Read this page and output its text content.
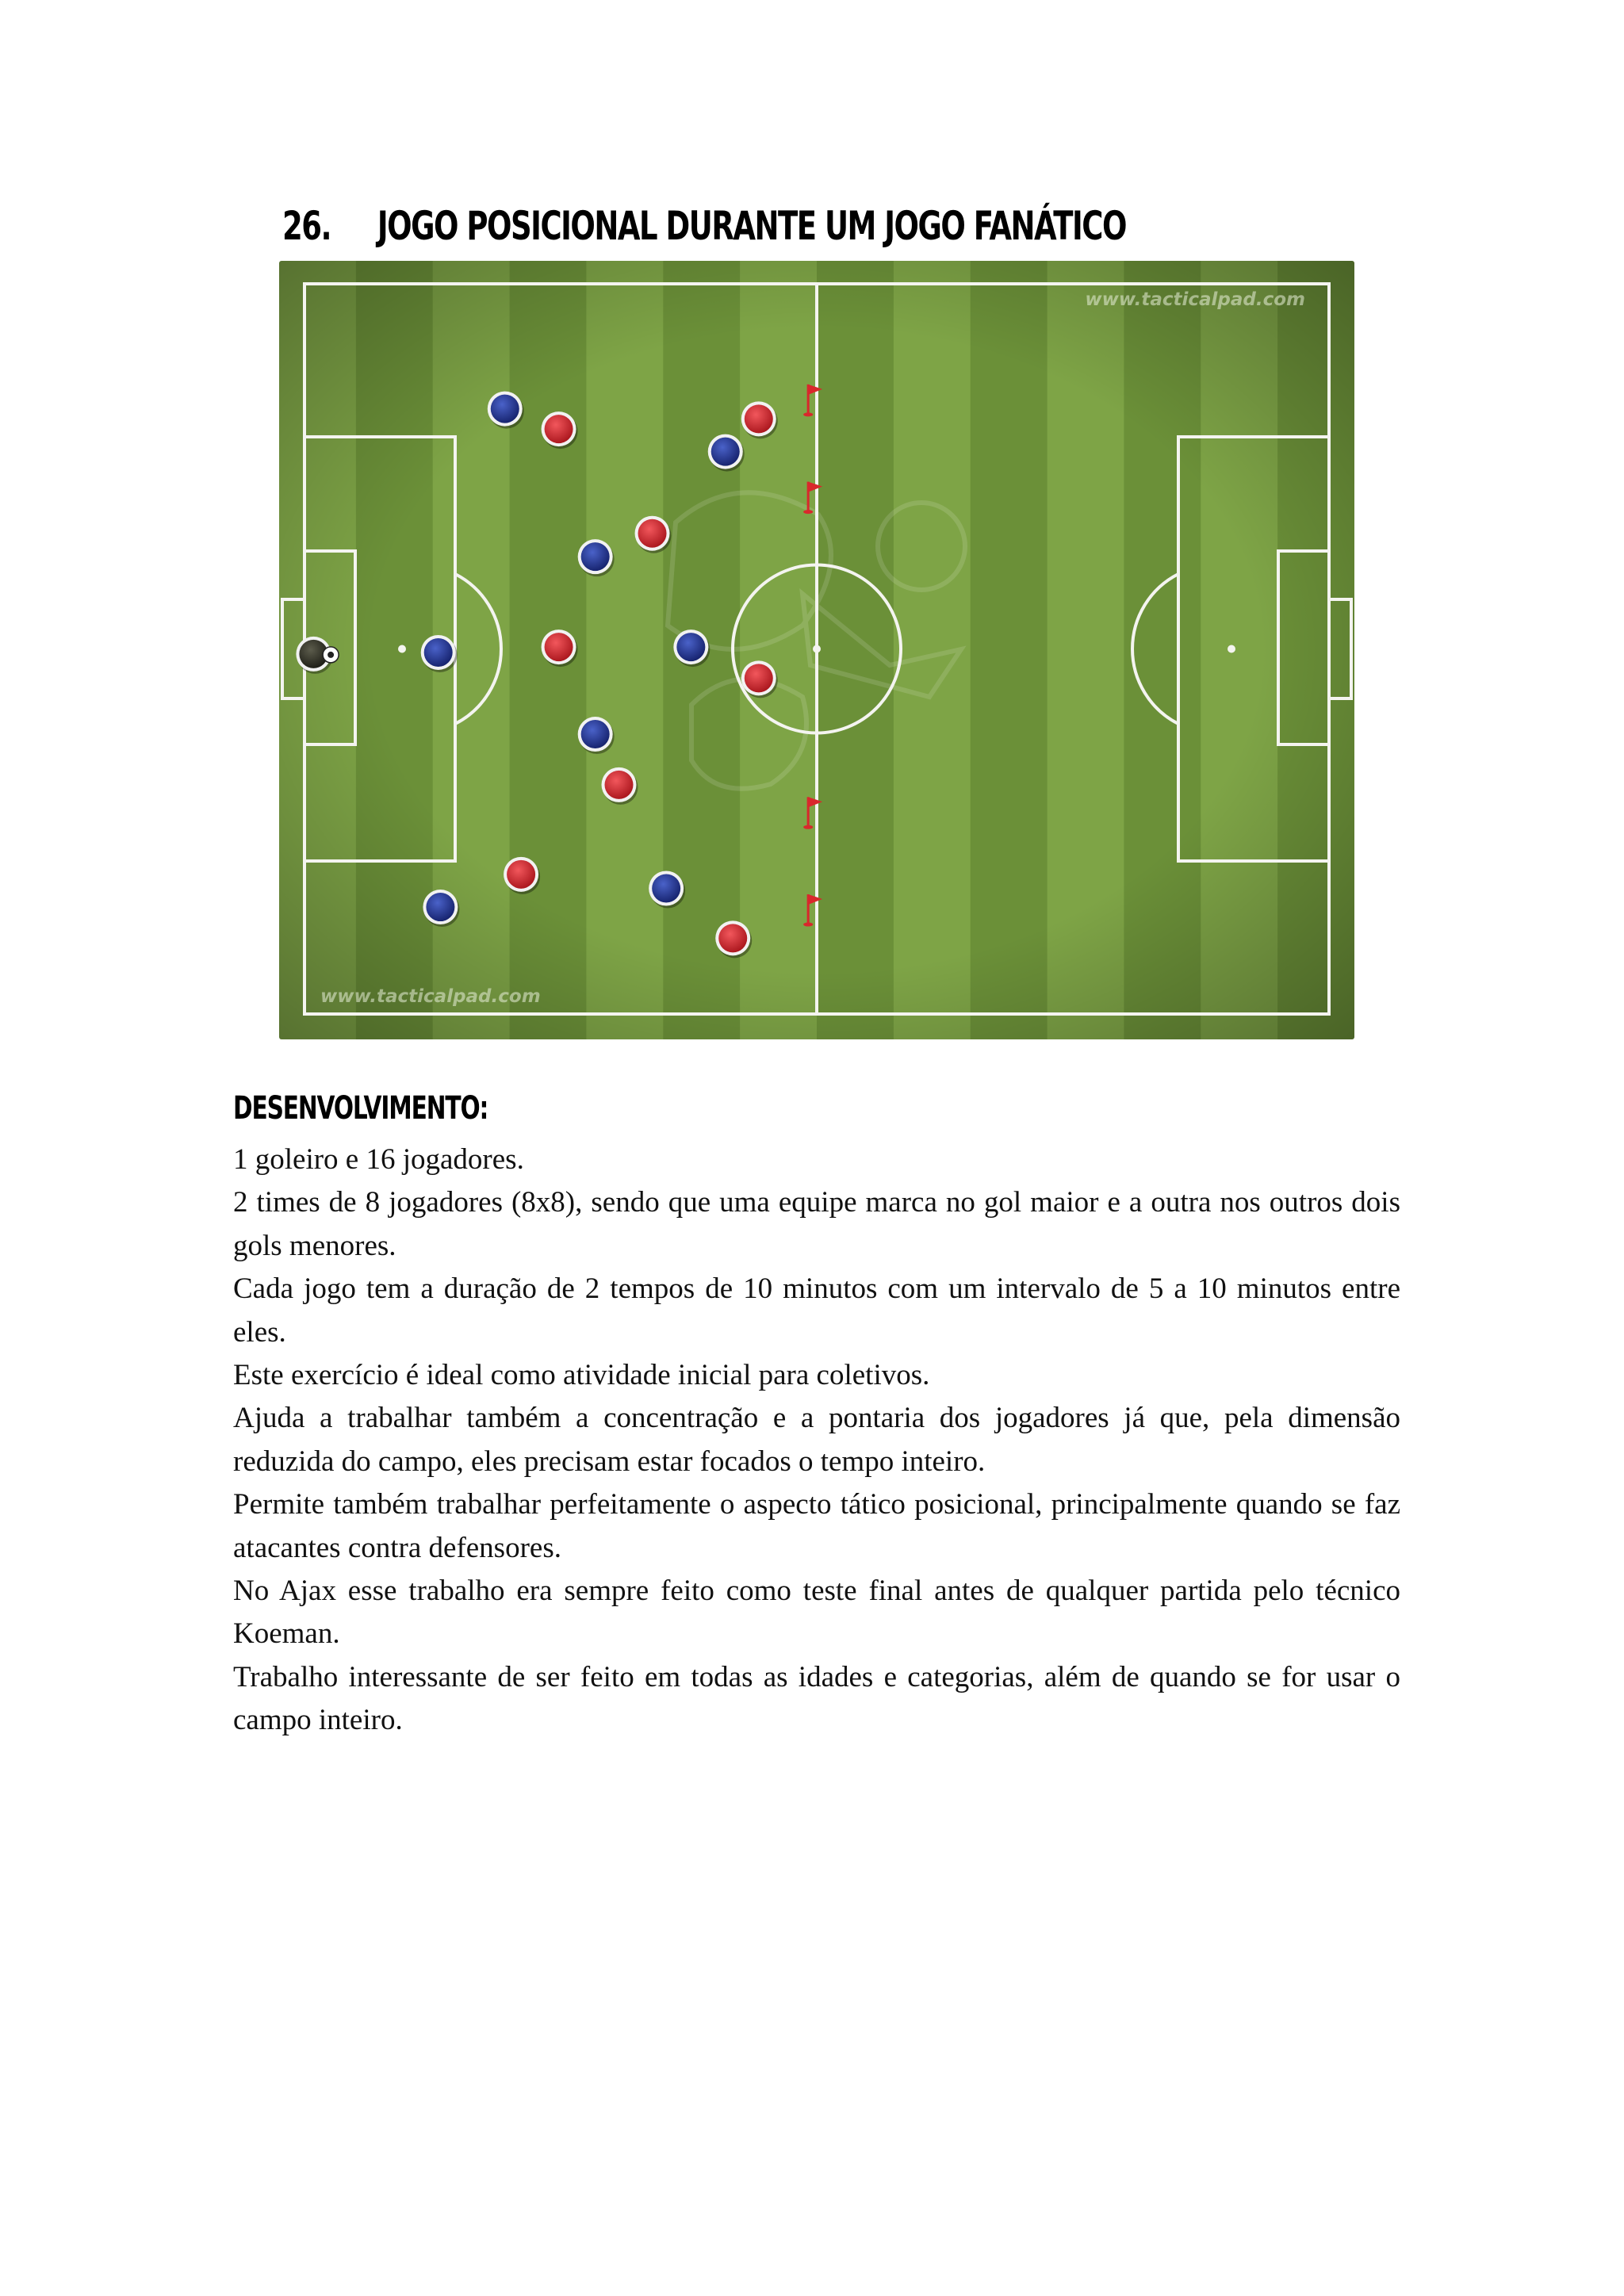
26. JOGO POSICIONAL DURANTE UM JOGO FANÁTICO
www.tacticalpad.com
www.tacticalpad.com
DESENVOLVIMENTO:

1 goleiro e 16 jogadores.

2 times de 8 jogadores (8x8), sendo que uma equipe marca no gol maior e a outra nos outros dois gols menores.

Cada jogo tem a duração de 2 tempos de 10 minutos com um intervalo de 5 a 10 minutos entre eles.

Este exercício é ideal como atividade inicial para coletivos.

Ajuda a trabalhar também a concentração e a pontaria dos jogadores já que, pela dimensão reduzida do campo, eles precisam estar focados o tempo inteiro.

Permite também trabalhar perfeitamente o aspecto tático posicional, principalmente quando se faz atacantes contra defensores.

No Ajax esse trabalho era sempre feito como teste final antes de qualquer partida pelo técnico Koeman.

Trabalho interessante de ser feito em todas as idades e categorias, além de quando se for usar o campo inteiro.
